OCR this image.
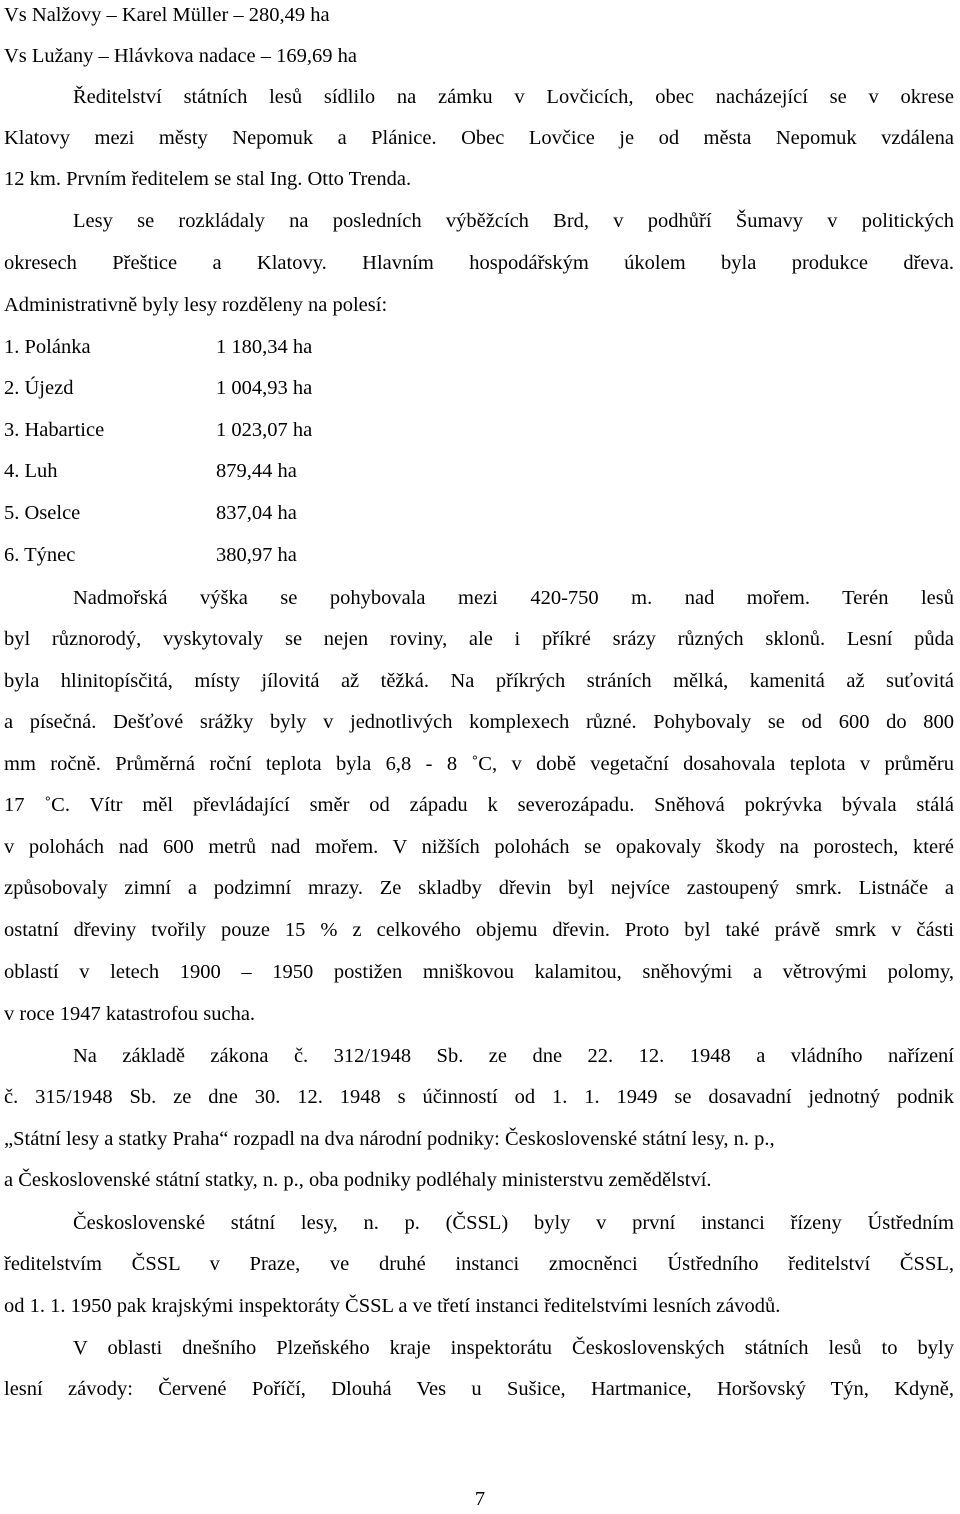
Vs Nalžovy – Karel Müller – 280,49 ha
Vs Lužany – Hlávkova nadace – 169,69 ha
Ředitelství státních lesů sídlilo na zámku v Lovčicích, obec nacházející se v okrese
Klatovy mezi městy Nepomuk a Plánice. Obec Lovčice je od města Nepomuk vzdálena
12 km. Prvním ředitelem se stal Ing. Otto Trenda.
Lesy se rozkládaly na posledních výběžcích Brd, v podhůří Šumavy v politických
okresech Přeštice a Klatovy. Hlavním hospodářským úkolem byla produkce dřeva.
Administrativně byly lesy rozděleny na polesí:
1. Polánka	1 180,34 ha
2. Újezd	1 004,93 ha
3. Habartice	1 023,07 ha
4. Luh	879,44 ha
5. Oselce	837,04 ha
6. Týnec	380,97 ha
Nadmořská výška se pohybovala mezi 420-750 m. nad mořem. Terén lesů
byl různorodý, vyskytovaly se nejen roviny, ale i příkré srázy různých sklonů. Lesní půda
byla hlinitopísčitá, místy jílovitá až těžká. Na příkrých stráních mělká, kamenitá až suťovitá
a písečná. Dešťové srážky byly v jednotlivých komplexech různé. Pohybovaly se od 600 do 800
mm ročně. Průměrná roční teplota byla 6,8 - 8 ˚C, v době vegetační dosahovala teplota v průměru
17 ˚C. Vítr měl převládající směr od západu k severozápadu. Sněhová pokrývka bývala stálá
v polohách nad 600 metrů nad mořem. V nižších polohách se opakovaly škody na porostech, které
způsobovaly zimní a podzimní mrazy. Ze skladby dřevin byl nejvíce zastoupený smrk. Listnáče a
ostatní dřeviny tvořily pouze 15 % z celkového objemu dřevin. Proto byl také právě smrk v části
oblastí v letech 1900 – 1950 postižen mniškovou kalamitou, sněhovými a větrovými polomy,
v roce 1947 katastrofou sucha.
Na základě zákona č. 312/1948 Sb. ze dne 22. 12. 1948 a vládního nařízení
č. 315/1948 Sb. ze dne 30. 12. 1948 s účinností od 1. 1. 1949 se dosavadní jednotný podnik
„Státní lesy a statky Praha“ rozpadl na dva národní podniky: Československé státní lesy, n. p.,
a Československé státní statky, n. p., oba podniky podléhaly ministerstvu zemědělství.
Československé státní lesy, n. p. (ČSSL) byly v první instanci řízeny Ústředním
ředitelstvím ČSSL v Praze, ve druhé instanci zmocněnci Ústředního ředitelství ČSSL,
od 1. 1. 1950 pak krajskými inspektoráty ČSSL a ve třetí instanci ředitelstvími lesních závodů.
V oblasti dnešního Plzeňského kraje inspektorátu Československých státních lesů to byly
lesní závody: Červené Poříčí, Dlouhá Ves u Sušice, Hartmanice, Horšovský Týn, Kdyně,
7
